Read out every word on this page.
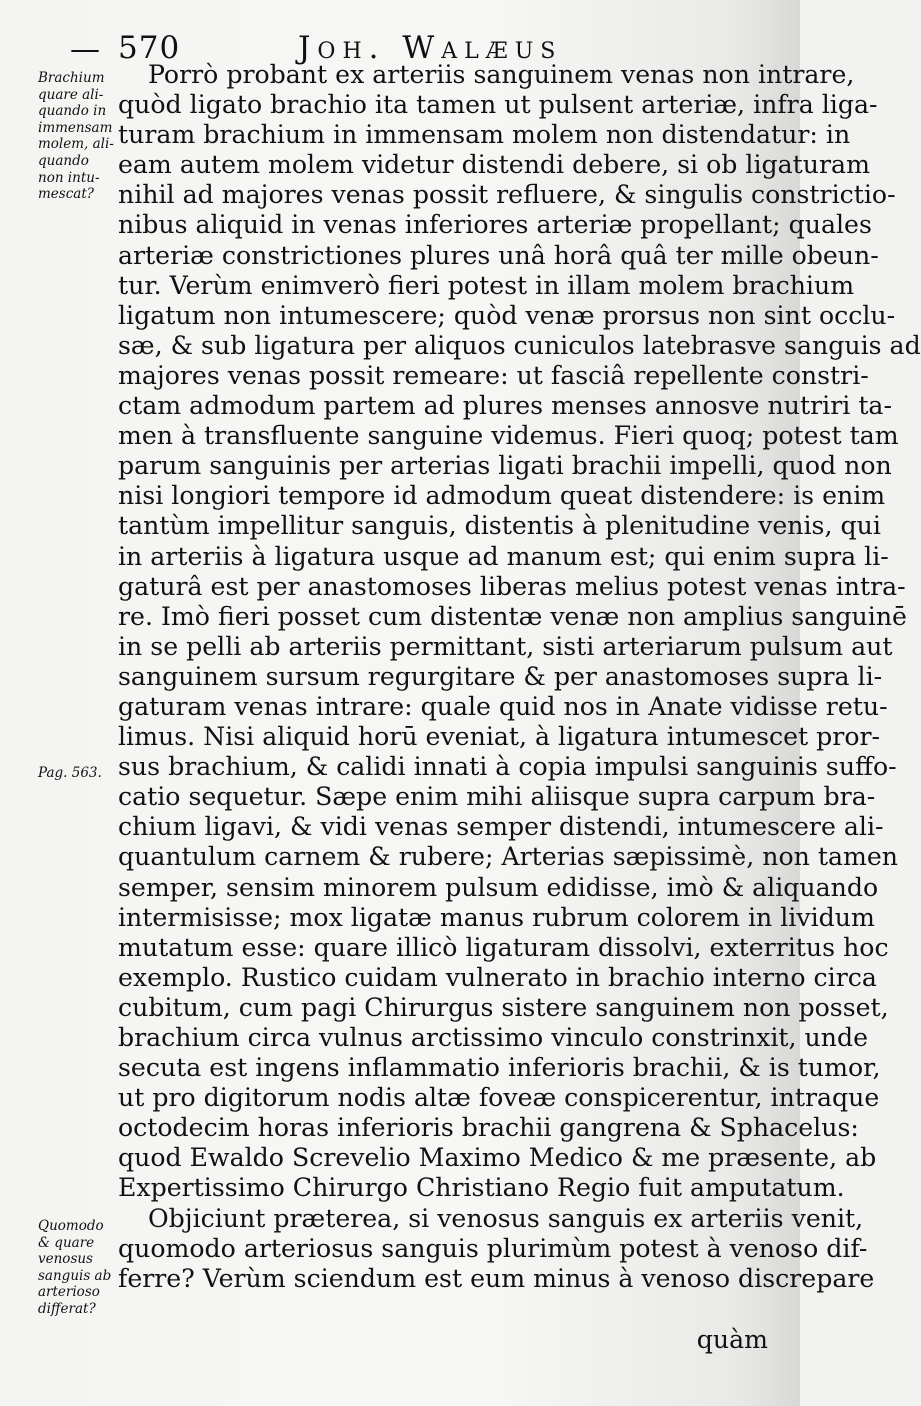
— 570	Joh. Walæus
Brachium
quare ali-
quando in
immensam
molem, ali-
quando
non intu-
mescat?
Pag. 563.
Quomodo
& quare
venosus
sanguis ab
arterioso
differat?
Porrò probant ex arteriis sanguinem venas non intrare,
quòd ligato brachio ita tamen ut pulsent arteriæ, infra liga-
turam brachium in immensam molem non distendatur: in
eam autem molem videtur distendi debere, si ob ligaturam
nihil ad majores venas possit refluere, & singulis constrictio-
nibus aliquid in venas inferiores arteriæ propellant; quales
arteriæ constrictiones plures unâ horâ quâ ter mille obeun-
tur. Verùm enimverò fieri potest in illam molem brachium
ligatum non intumescere; quòd venæ prorsus non sint occlu-
sæ, & sub ligatura per aliquos cuniculos latebrasve sanguis ad
majores venas possit remeare: ut fasciâ repellente constri-
ctam admodum partem ad plures menses annosve nutriri ta-
men à transfluente sanguine videmus. Fieri quoq; potest tam
parum sanguinis per arterias ligati brachii impelli, quod non
nisi longiori tempore id admodum queat distendere: is enim
tantùm impellitur sanguis, distentis à plenitudine venis, qui
in arteriis à ligatura usque ad manum est; qui enim supra li-
gaturâ est per anastomoses liberas melius potest venas intra-
re. Imò fieri posset cum distentæ venæ non amplius sanguinē
in se pelli ab arteriis permittant, sisti arteriarum pulsum aut
sanguinem sursum regurgitare & per anastomoses supra li-
gaturam venas intrare: quale quid nos in Anate vidisse retu-
limus. Nisi aliquid horū eveniat, à ligatura intumescet pror-
sus brachium, & calidi innati à copia impulsi sanguinis suffo-
catio sequetur. Sæpe enim mihi aliisque supra carpum bra-
chium ligavi, & vidi venas semper distendi, intumescere ali-
quantulum carnem & rubere; Arterias sæpissimè, non tamen
semper, sensim minorem pulsum edidisse, imò & aliquando
intermisisse; mox ligatæ manus rubrum colorem in lividum
mutatum esse: quare illicò ligaturam dissolvi, exterritus hoc
exemplo. Rustico cuidam vulnerato in brachio interno circa
cubitum, cum pagi Chirurgus sistere sanguinem non posset,
brachium circa vulnus arctissimo vinculo constrinxit, unde
secuta est ingens inflammatio inferioris brachii, & is tumor,
ut pro digitorum nodis altæ foveæ conspicerentur, intraque
octodecim horas inferioris brachii gangrena & Sphacelus:
quod Ewaldo Screvelio Maximo Medico & me præsente, ab
Expertissimo Chirurgo Christiano Regio fuit amputatum.
Objiciunt præterea, si venosus sanguis ex arteriis venit,
quomodo arteriosus sanguis plurimùm potest à venoso dif-
ferre? Verùm sciendum est eum minus à venoso discrepare
quàm
